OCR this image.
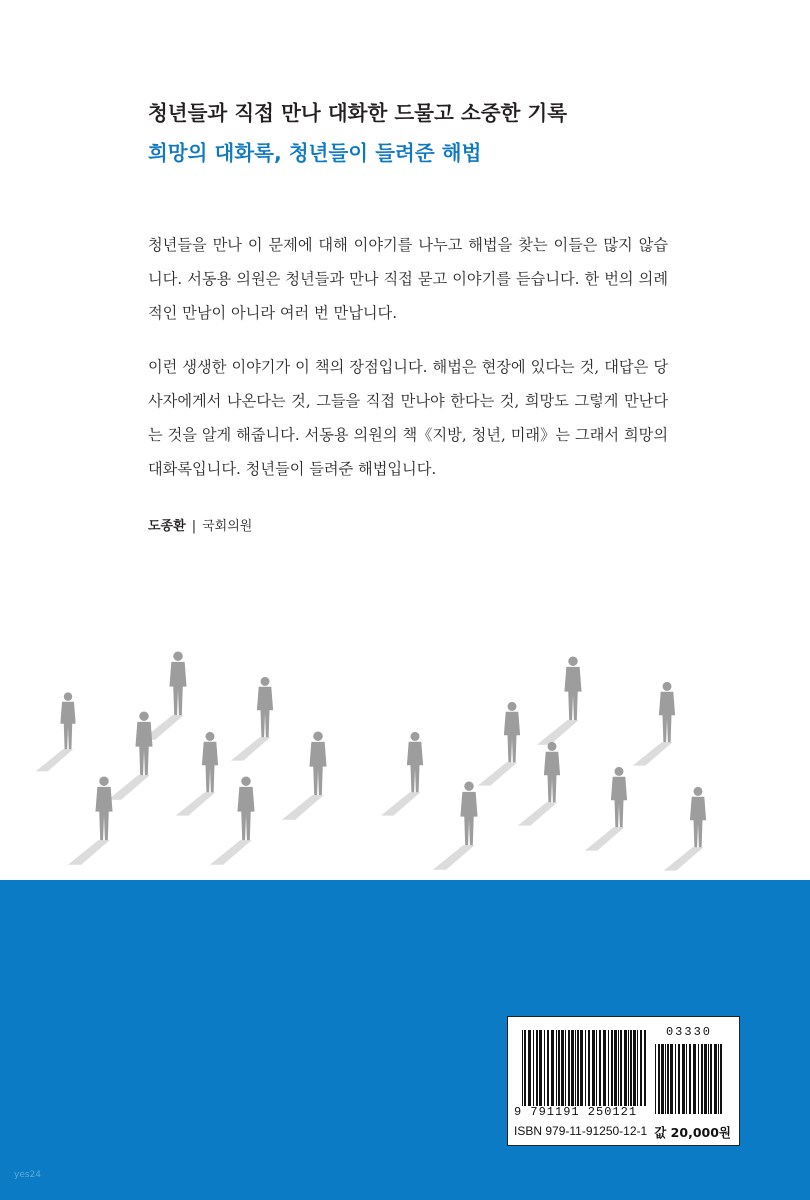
청년들과 직접 만나 대화한 드물고 소중한 기록
희망의 대화록, 청년들이 들려준 해법

청년들을 만나 이 문제에 대해 이야기를 나누고 해법을 찾는 이들은 많지 않습니다. 서동용 의원은 청년들과 만나 직접 묻고 이야기를 듣습니다. 한 번의 의례적인 만남이 아니라 여러 번 만납니다.

이런 생생한 이야기가 이 책의 장점입니다. 해법은 현장에 있다는 것, 대답은 당사자에게서 나온다는 것, 그들을 직접 만나야 한다는 것, 희망도 그렇게 만난다는 것을 알게 해줍니다. 서동용 의원의 책《지방, 청년, 미래》는 그래서 희망의 대화록입니다. 청년들이 들려준 해법입니다.

도종환 | 국회의원
03330
9 791191 250121
ISBN 979-11-91250-12-1 값 20,000원
yes24
